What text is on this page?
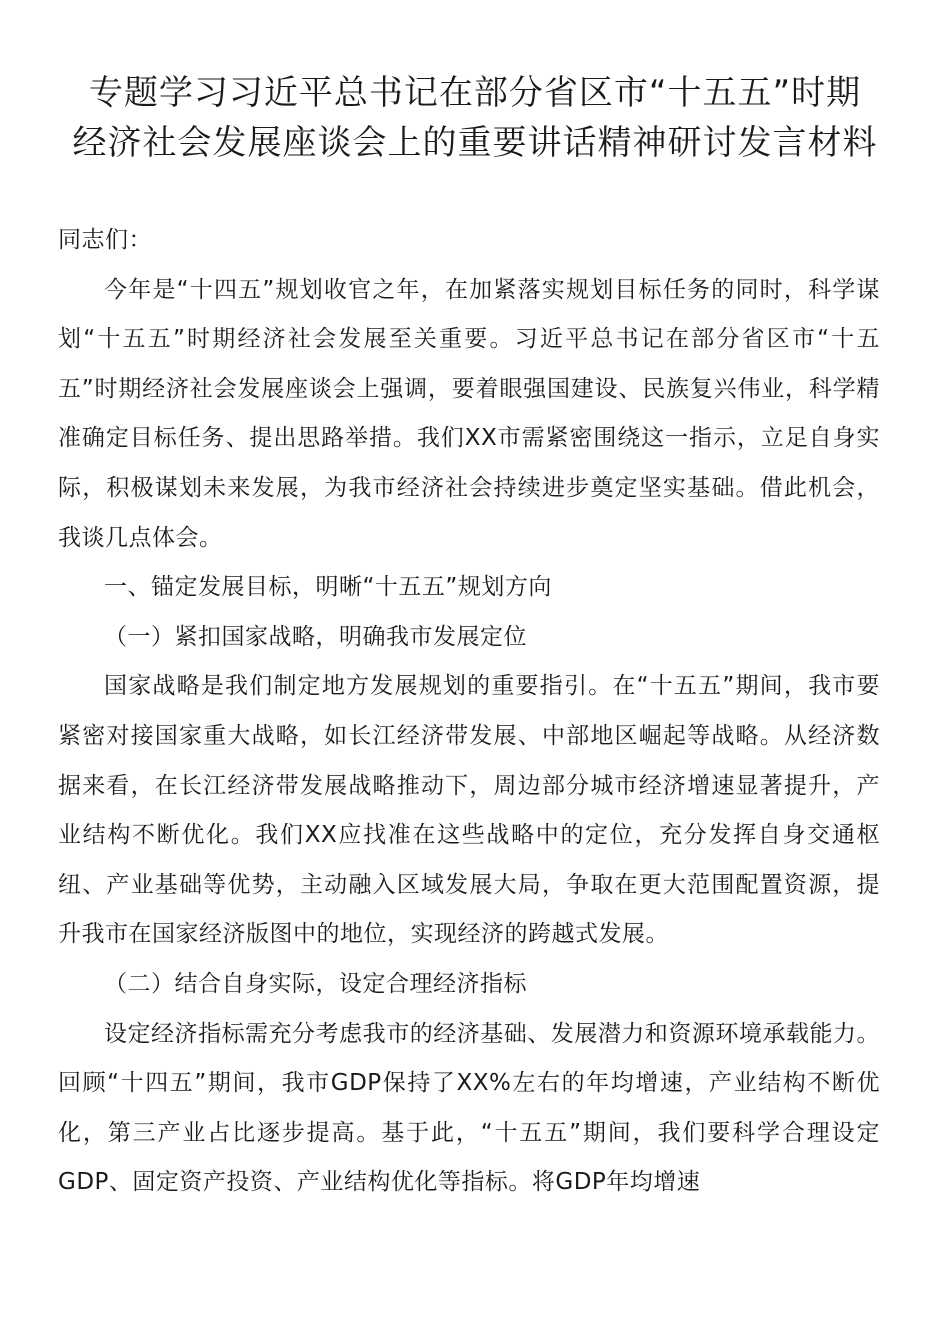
专题学习习近平总书记在部分省区市“十五五”时期
经济社会发展座谈会上的重要讲话精神研讨发言材料

同志们：

今年是“十四五”规划收官之年，在加紧落实规划目标任务的同时，科学谋划“十五五”时期经济社会发展至关重要。习近平总书记在部分省区市“十五五”时期经济社会发展座谈会上强调，要着眼强国建设、民族复兴伟业，科学精准确定目标任务、提出思路举措。我们XX市需紧密围绕这一指示，立足自身实际，积极谋划未来发展，为我市经济社会持续进步奠定坚实基础。借此机会，我谈几点体会。

一、锚定发展目标，明晰“十五五”规划方向

（一）紧扣国家战略，明确我市发展定位

国家战略是我们制定地方发展规划的重要指引。在“十五五”期间，我市要紧密对接国家重大战略，如长江经济带发展、中部地区崛起等战略。从经济数据来看，在长江经济带发展战略推动下，周边部分城市经济增速显著提升，产业结构不断优化。我们XX应找准在这些战略中的定位，充分发挥自身交通枢纽、产业基础等优势，主动融入区域发展大局，争取在更大范围配置资源，提升我市在国家经济版图中的地位，实现经济的跨越式发展。

（二）结合自身实际，设定合理经济指标

设定经济指标需充分考虑我市的经济基础、发展潜力和资源环境承载能力。回顾“十四五”期间，我市GDP保持了XX%左右的年均增速，产业结构不断优化，第三产业占比逐步提高。基于此，“十五五”期间，我们要科学合理设定GDP、固定资产投资、产业结构优化等指标。将GDP年均增速
